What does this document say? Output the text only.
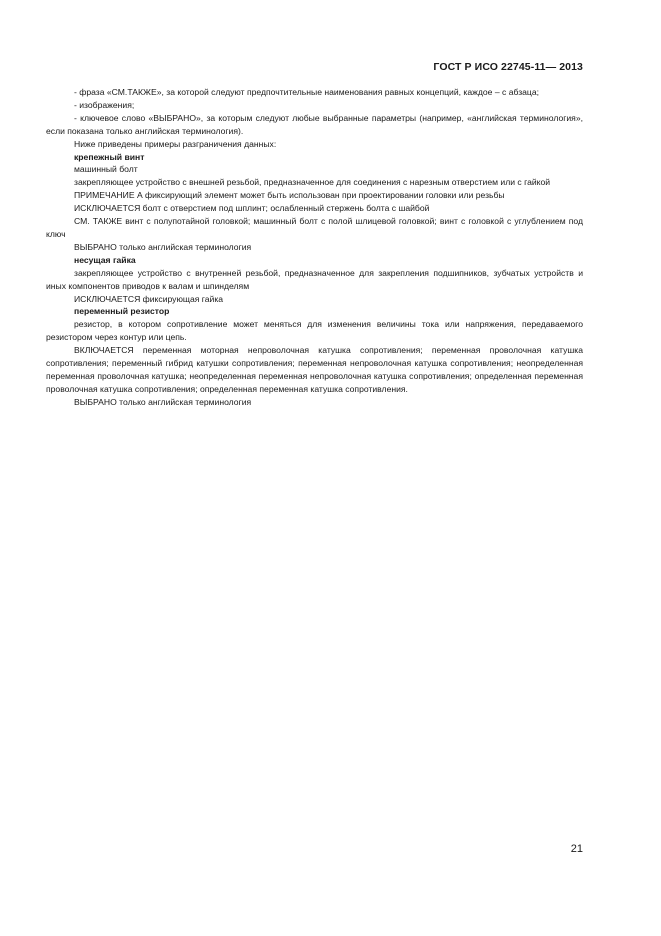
ГОСТ Р ИСО 22745-11— 2013

- фраза «СМ.ТАКЖЕ», за которой следуют предпочтительные наименования равных концепций, каждое – с абзаца;

- изображения;

- ключевое слово «ВЫБРАНО», за которым следуют любые выбранные параметры (например, «английская терминология», если показана только английская терминология).

Ниже приведены примеры разграничения данных:

крепежный винт

машинный болт

закрепляющее устройство с внешней резьбой, предназначенное для соединения с нарезным отверстием или с гайкой

ПРИМЕЧАНИЕ А фиксирующий элемент может быть использован при проектировании головки или резьбы

ИСКЛЮЧАЕТСЯ болт с отверстием под шплинт; ослабленный стержень болта с шайбой

СМ. ТАКЖЕ винт с полупотайной головкой; машинный болт с полой шлицевой головкой; винт с головкой с углублением под ключ

ВЫБРАНО только английская терминология

несущая гайка

закрепляющее устройство с внутренней резьбой, предназначенное для закрепления подшипников, зубчатых устройств и иных компонентов приводов к валам и шпинделям

ИСКЛЮЧАЕТСЯ фиксирующая гайка

переменный резистор

резистор, в котором сопротивление может меняться для изменения величины тока или напряжения, передаваемого резистором через контур или цепь.

ВКЛЮЧАЕТСЯ переменная моторная непроволочная катушка сопротивления; переменная проволочная катушка сопротивления; переменный гибрид катушки сопротивления; переменная непроволочная катушка сопротивления; неопределенная переменная проволочная катушка; неопределенная переменная непроволочная катушка сопротивления; определенная переменная проволочная катушка сопротивления; определенная переменная катушка сопротивления.

ВЫБРАНО только английская терминология

21
